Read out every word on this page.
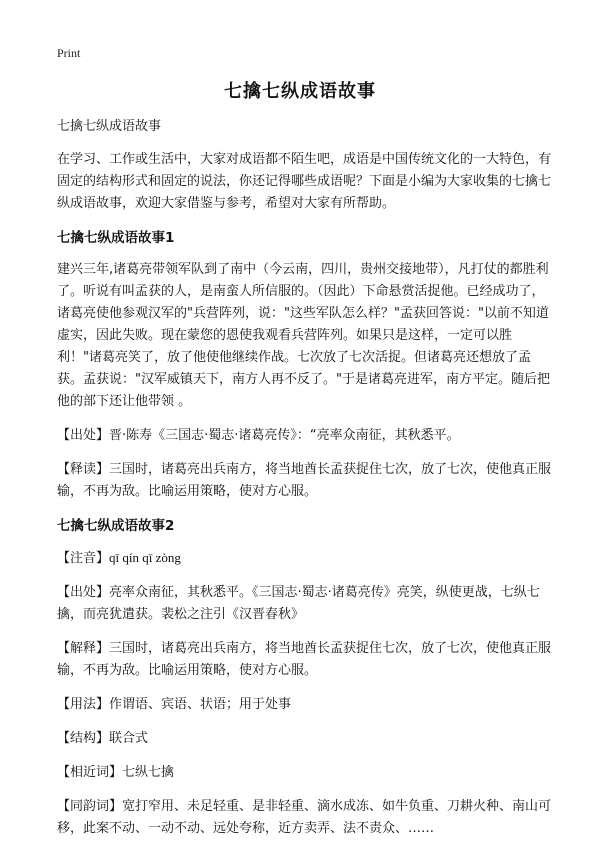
Print
七擒七纵成语故事
七擒七纵成语故事

在学习、工作或生活中，大家对成语都不陌生吧，成语是中国传统文化的一大特色，有固定的结构形式和固定的说法，你还记得哪些成语呢？下面是小编为大家收集的七擒七纵成语故事，欢迎大家借鉴与参考，希望对大家有所帮助。

七擒七纵成语故事1

建兴三年,诸葛亮带领军队到了南中（今云南，四川，贵州交接地带），凡打仗的都胜利了。听说有叫孟获的人，是南蛮人所信服的。（因此）下命悬赏活捉他。已经成功了，诸葛亮使他参观汉军的"兵营阵列，说："这些军队怎么样？"孟获回答说："以前不知道虚实，因此失败。现在蒙您的恩使我观看兵营阵列。如果只是这样，一定可以胜利！"诸葛亮笑了，放了他使他继续作战。七次放了七次活捉。但诸葛亮还想放了孟获。孟获说："汉军威镇天下，南方人再不反了。"于是诸葛亮进军，南方平定。随后把他的部下还让他带领 。

【出处】晋·陈寿《三国志·蜀志·诸葛亮传》：“亮率众南征，其秋悉平。

【释读】三国时，诸葛亮出兵南方，将当地酋长孟获捉住七次，放了七次，使他真正服输，不再为敌。比喻运用策略，使对方心服。

七擒七纵成语故事2

【注音】qī qín qī zòng

【出处】亮率众南征，其秋悉平。《三国志·蜀志·诸葛亮传》亮笑，纵使更战，七纵七擒，而亮犹遣获。裴松之注引《汉晋春秋》

【解释】三国时，诸葛亮出兵南方，将当地酋长孟获捉住七次，放了七次，使他真正服输，不再为敌。比喻运用策略，使对方心服。

【用法】作谓语、宾语、状语；用于处事

【结构】联合式

【相近词】七纵七擒

【同韵词】宽打窄用、未足轻重、是非轻重、滴水成冻、如牛负重、刀耕火种、南山可移，此案不动、一动不动、远处夸称，近方卖弄、法不责众、……
